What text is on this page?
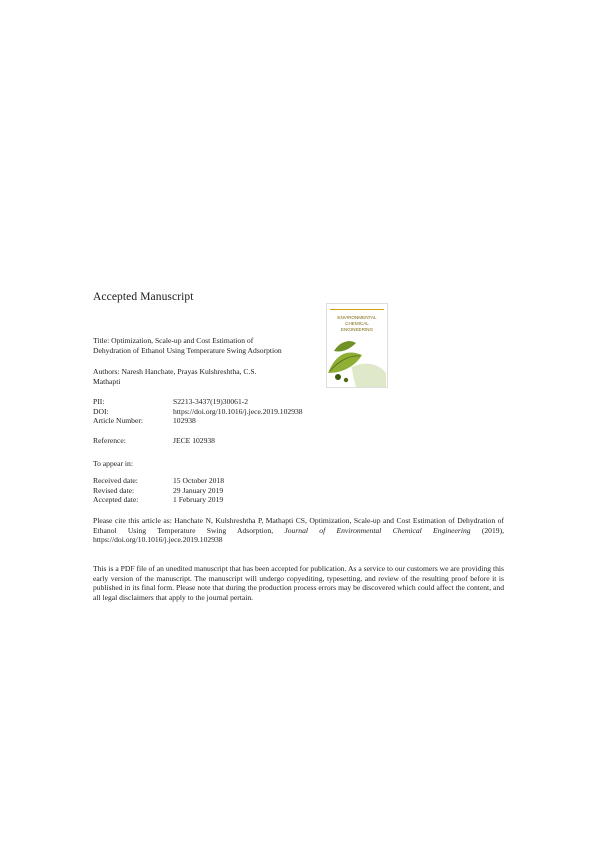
Accepted Manuscript
ENVIRONMENTAL
CHEMICAL
ENGINEERING
Title: Optimization, Scale-up and Cost Estimation of
Dehydration of Ethanol Using Temperature Swing Adsorption
Authors: Naresh Hanchate, Prayas Kulshreshtha, C.S.
Mathapti
PII:	S2213-3437(19)30061-2
DOI:	https://doi.org/10.1016/j.jece.2019.102938
Article Number:	102938
Reference:	JECE 102938
To appear in:
Received date:	15 October 2018
Revised date:	29 January 2019
Accepted date:	1 February 2019

Please cite this article as: Hanchate N, Kulshreshtha P, Mathapti CS, Optimization, Scale-up and Cost Estimation of Dehydration of Ethanol Using Temperature Swing Adsorption, Journal of Environmental Chemical Engineering (2019), https://doi.org/10.1016/j.jece.2019.102938

This is a PDF file of an unedited manuscript that has been accepted for publication. As a service to our customers we are providing this early version of the manuscript. The manuscript will undergo copyediting, typesetting, and review of the resulting proof before it is published in its final form. Please note that during the production process errors may be discovered which could affect the content, and all legal disclaimers that apply to the journal pertain.
